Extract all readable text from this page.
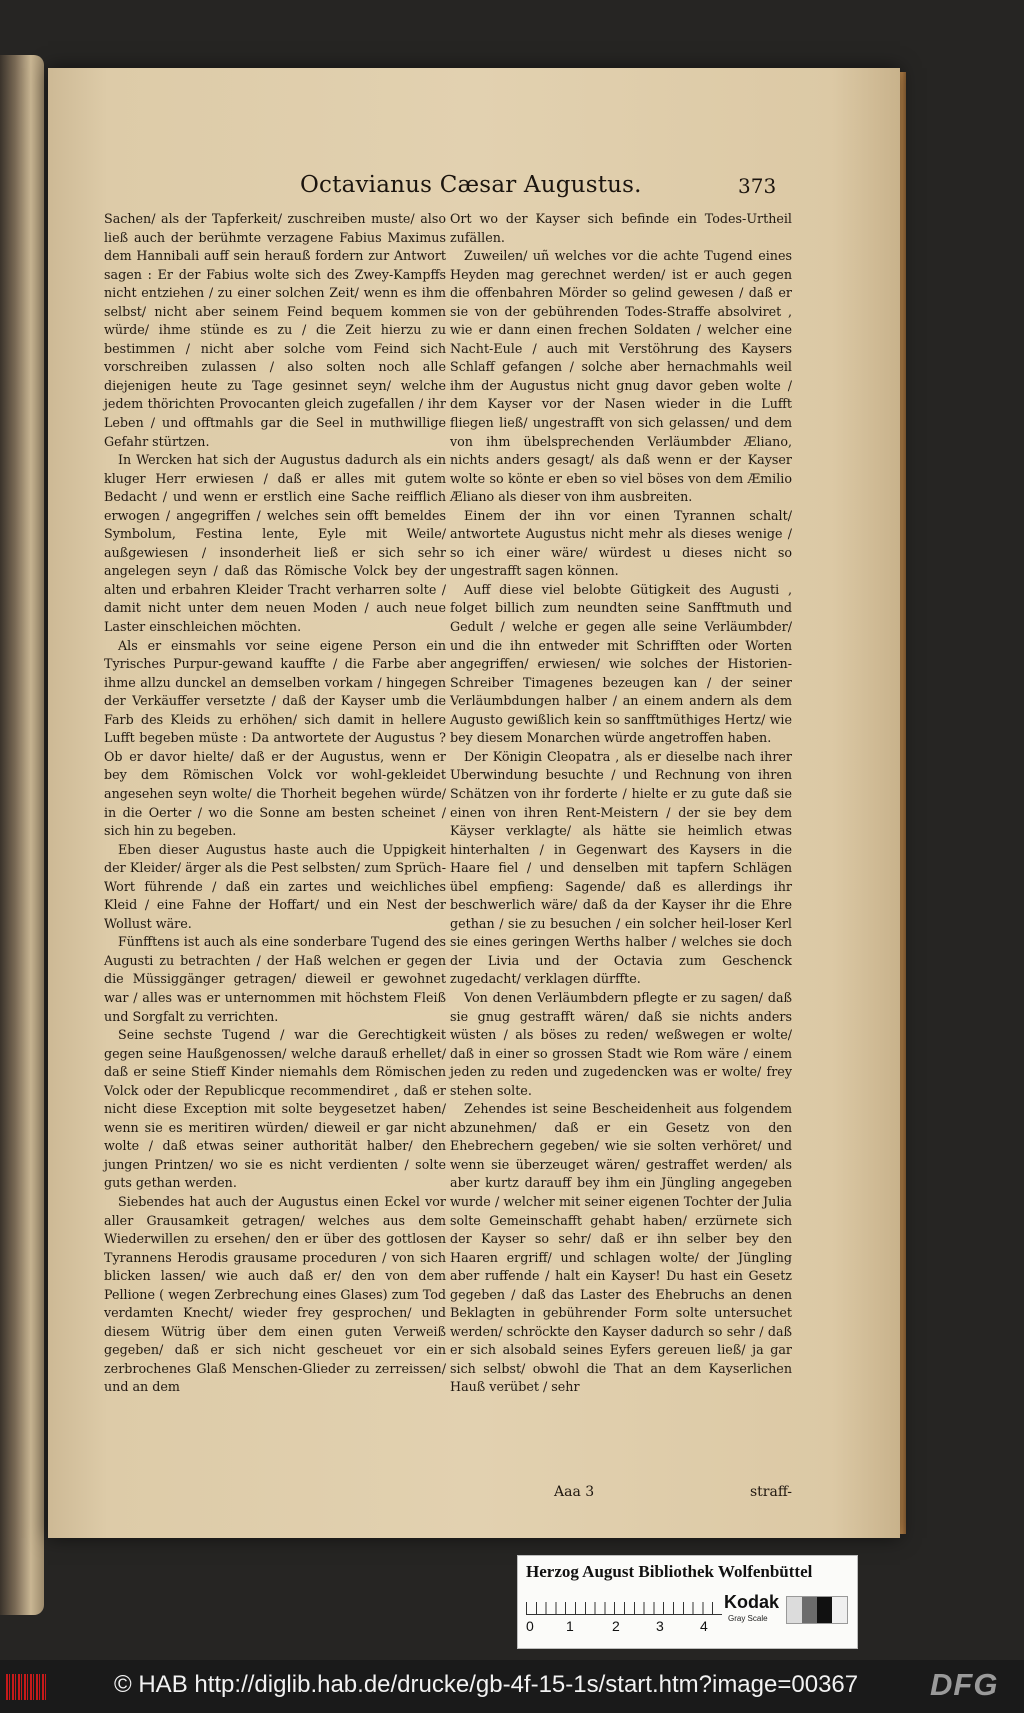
Octavianus Cæsar Augustus.	373

Sachen/ als der Tapferkeit/ zuschreiben muste/ also ließ auch der berühmte verzagene Fabius Maximus dem Hannibali auff sein herauß fordern zur Antwort sagen : Er der Fabius wolte sich des Zwey-Kampffs nicht entziehen / zu einer solchen Zeit/ wenn es ihm selbst/ nicht aber seinem Feind bequem kommen würde/ ihme stünde es zu / die Zeit hierzu zu bestimmen / nicht aber solche vom Feind sich vorschreiben zulassen / also solten noch alle diejenigen heute zu Tage gesinnet seyn/ welche jedem thörichten Provocanten gleich zugefallen / ihr Leben / und offtmahls gar die Seel in muthwillige Gefahr stürtzen.

In Wercken hat sich der Augustus dadurch als ein kluger Herr erwiesen / daß er alles mit gutem Bedacht / und wenn er erstlich eine Sache reifflich erwogen / angegriffen / welches sein offt bemeldes Symbolum, Festina lente, Eyle mit Weile/ außgewiesen / insonderheit ließ er sich sehr angelegen seyn / daß das Römische Volck bey der alten und erbahren Kleider Tracht verharren solte / damit nicht unter dem neuen Moden / auch neue Laster einschleichen möchten.

Als er einsmahls vor seine eigene Person ein Tyrisches Purpur-gewand kauffte / die Farbe aber ihme allzu dunckel an demselben vorkam / hingegen der Verkäuffer versetzte / daß der Kayser umb die Farb des Kleids zu erhöhen/ sich damit in hellere Lufft begeben müste : Da antwortete der Augustus ? Ob er davor hielte/ daß er der Augustus, wenn er bey dem Römischen Volck vor wohl-gekleidet angesehen seyn wolte/ die Thorheit begehen würde/ in die Oerter / wo die Sonne am besten scheinet / sich hin zu begeben.

Eben dieser Augustus haste auch die Uppigkeit der Kleider/ ärger als die Pest selbsten/ zum Sprüch-Wort führende / daß ein zartes und weichliches Kleid / eine Fahne der Hoffart/ und ein Nest der Wollust wäre.

Fünfftens ist auch als eine sonderbare Tugend des Augusti zu betrachten / der Haß welchen er gegen die Müssiggänger getragen/ dieweil er gewohnet war / alles was er unternommen mit höchstem Fleiß und Sorgfalt zu verrichten.

Seine sechste Tugend / war die Gerechtigkeit gegen seine Haußgenossen/ welche darauß erhellet/ daß er seine Stieff Kinder niemahls dem Römischen Volck oder der Republicque recommendiret , daß er nicht diese Exception mit solte beygesetzet haben/ wenn sie es meritiren würden/ dieweil er gar nicht wolte / daß etwas seiner authorität halber/ den jungen Printzen/ wo sie es nicht verdienten / solte guts gethan werden.

Siebendes hat auch der Augustus einen Eckel vor aller Grausamkeit getragen/ welches aus dem Wiederwillen zu ersehen/ den er über des gottlosen Tyrannens Herodis grausame proceduren / von sich blicken lassen/ wie auch daß er/ den von dem Pellione ( wegen Zerbrechung eines Glases) zum Tod verdamten Knecht/ wieder frey gesprochen/ und diesem Wütrig über dem einen guten Verweiß gegeben/ daß er sich nicht gescheuet vor ein zerbrochenes Glaß Menschen-Glieder zu zerreissen/ und an dem

Ort wo der Kayser sich befinde ein Todes-Urtheil zufällen.

Zuweilen/ uñ welches vor die achte Tugend eines Heyden mag gerechnet werden/ ist er auch gegen die offenbahren Mörder so gelind gewesen / daß er sie von der gebührenden Todes-Straffe absolviret , wie er dann einen frechen Soldaten / welcher eine Nacht-Eule / auch mit Verstöhrung des Kaysers Schlaff gefangen / solche aber hernachmahls weil ihm der Augustus nicht gnug davor geben wolte / dem Kayser vor der Nasen wieder in die Lufft fliegen ließ/ ungestrafft von sich gelassen/ und dem von ihm übelsprechenden Verläumbder Æliano, nichts anders gesagt/ als daß wenn er der Kayser wolte so könte er eben so viel böses von dem Æmilio Æliano als dieser von ihm ausbreiten.

Einem der ihn vor einen Tyrannen schalt/ antwortete Augustus nicht mehr als dieses wenige / so ich einer wäre/ würdest u dieses nicht so ungestrafft sagen können.

Auff diese viel belobte Gütigkeit des Augusti , folget billich zum neundten seine Sanfftmuth und Gedult / welche er gegen alle seine Verläumbder/ und die ihn entweder mit Schrifften oder Worten angegriffen/ erwiesen/ wie solches der Historien-Schreiber Timagenes bezeugen kan / der seiner Verläumbdungen halber / an einem andern als dem Augusto gewißlich kein so sanfftmüthiges Hertz/ wie bey diesem Monarchen würde angetroffen haben.

Der Königin Cleopatra , als er dieselbe nach ihrer Uberwindung besuchte / und Rechnung von ihren Schätzen von ihr forderte / hielte er zu gute daß sie einen von ihren Rent-Meistern / der sie bey dem Käyser verklagte/ als hätte sie heimlich etwas hinterhalten / in Gegenwart des Kaysers in die Haare fiel / und denselben mit tapfern Schlägen übel empfieng: Sagende/ daß es allerdings ihr beschwerlich wäre/ daß da der Kayser ihr die Ehre gethan / sie zu besuchen / ein solcher heil-loser Kerl sie eines geringen Werths halber / welches sie doch der Livia und der Octavia zum Geschenck zugedacht/ verklagen dürffte.

Von denen Verläumbdern pflegte er zu sagen/ daß sie gnug gestrafft wären/ daß sie nichts anders wüsten / als böses zu reden/ weßwegen er wolte/ daß in einer so grossen Stadt wie Rom wäre / einem jeden zu reden und zugedencken was er wolte/ frey stehen solte.

Zehendes ist seine Bescheidenheit aus folgendem abzunehmen/ daß er ein Gesetz von den Ehebrechern gegeben/ wie sie solten verhöret/ und wenn sie überzeuget wären/ gestraffet werden/ als aber kurtz darauff bey ihm ein Jüngling angegeben wurde / welcher mit seiner eigenen Tochter der Julia solte Gemeinschafft gehabt haben/ erzürnete sich der Kayser so sehr/ daß er ihn selber bey den Haaren ergriff/ und schlagen wolte/ der Jüngling aber ruffende / halt ein Kayser! Du hast ein Gesetz gegeben / daß das Laster des Ehebruchs an denen Beklagten in gebührender Form solte untersuchet werden/ schröckte den Kayser dadurch so sehr / daß er sich alsobald seines Eyfers gereuen ließ/ ja gar sich selbst/ obwohl die That an dem Kayserlichen Hauß verübet / sehr

Aaa 3	straff-
Herzog August Bibliothek Wolfenbüttel
0 1	2	3	4
Kodak
Gray Scale
© HAB http://diglib.hab.de/drucke/gb-4f-15-1s/start.htm?image=00367 DFG
